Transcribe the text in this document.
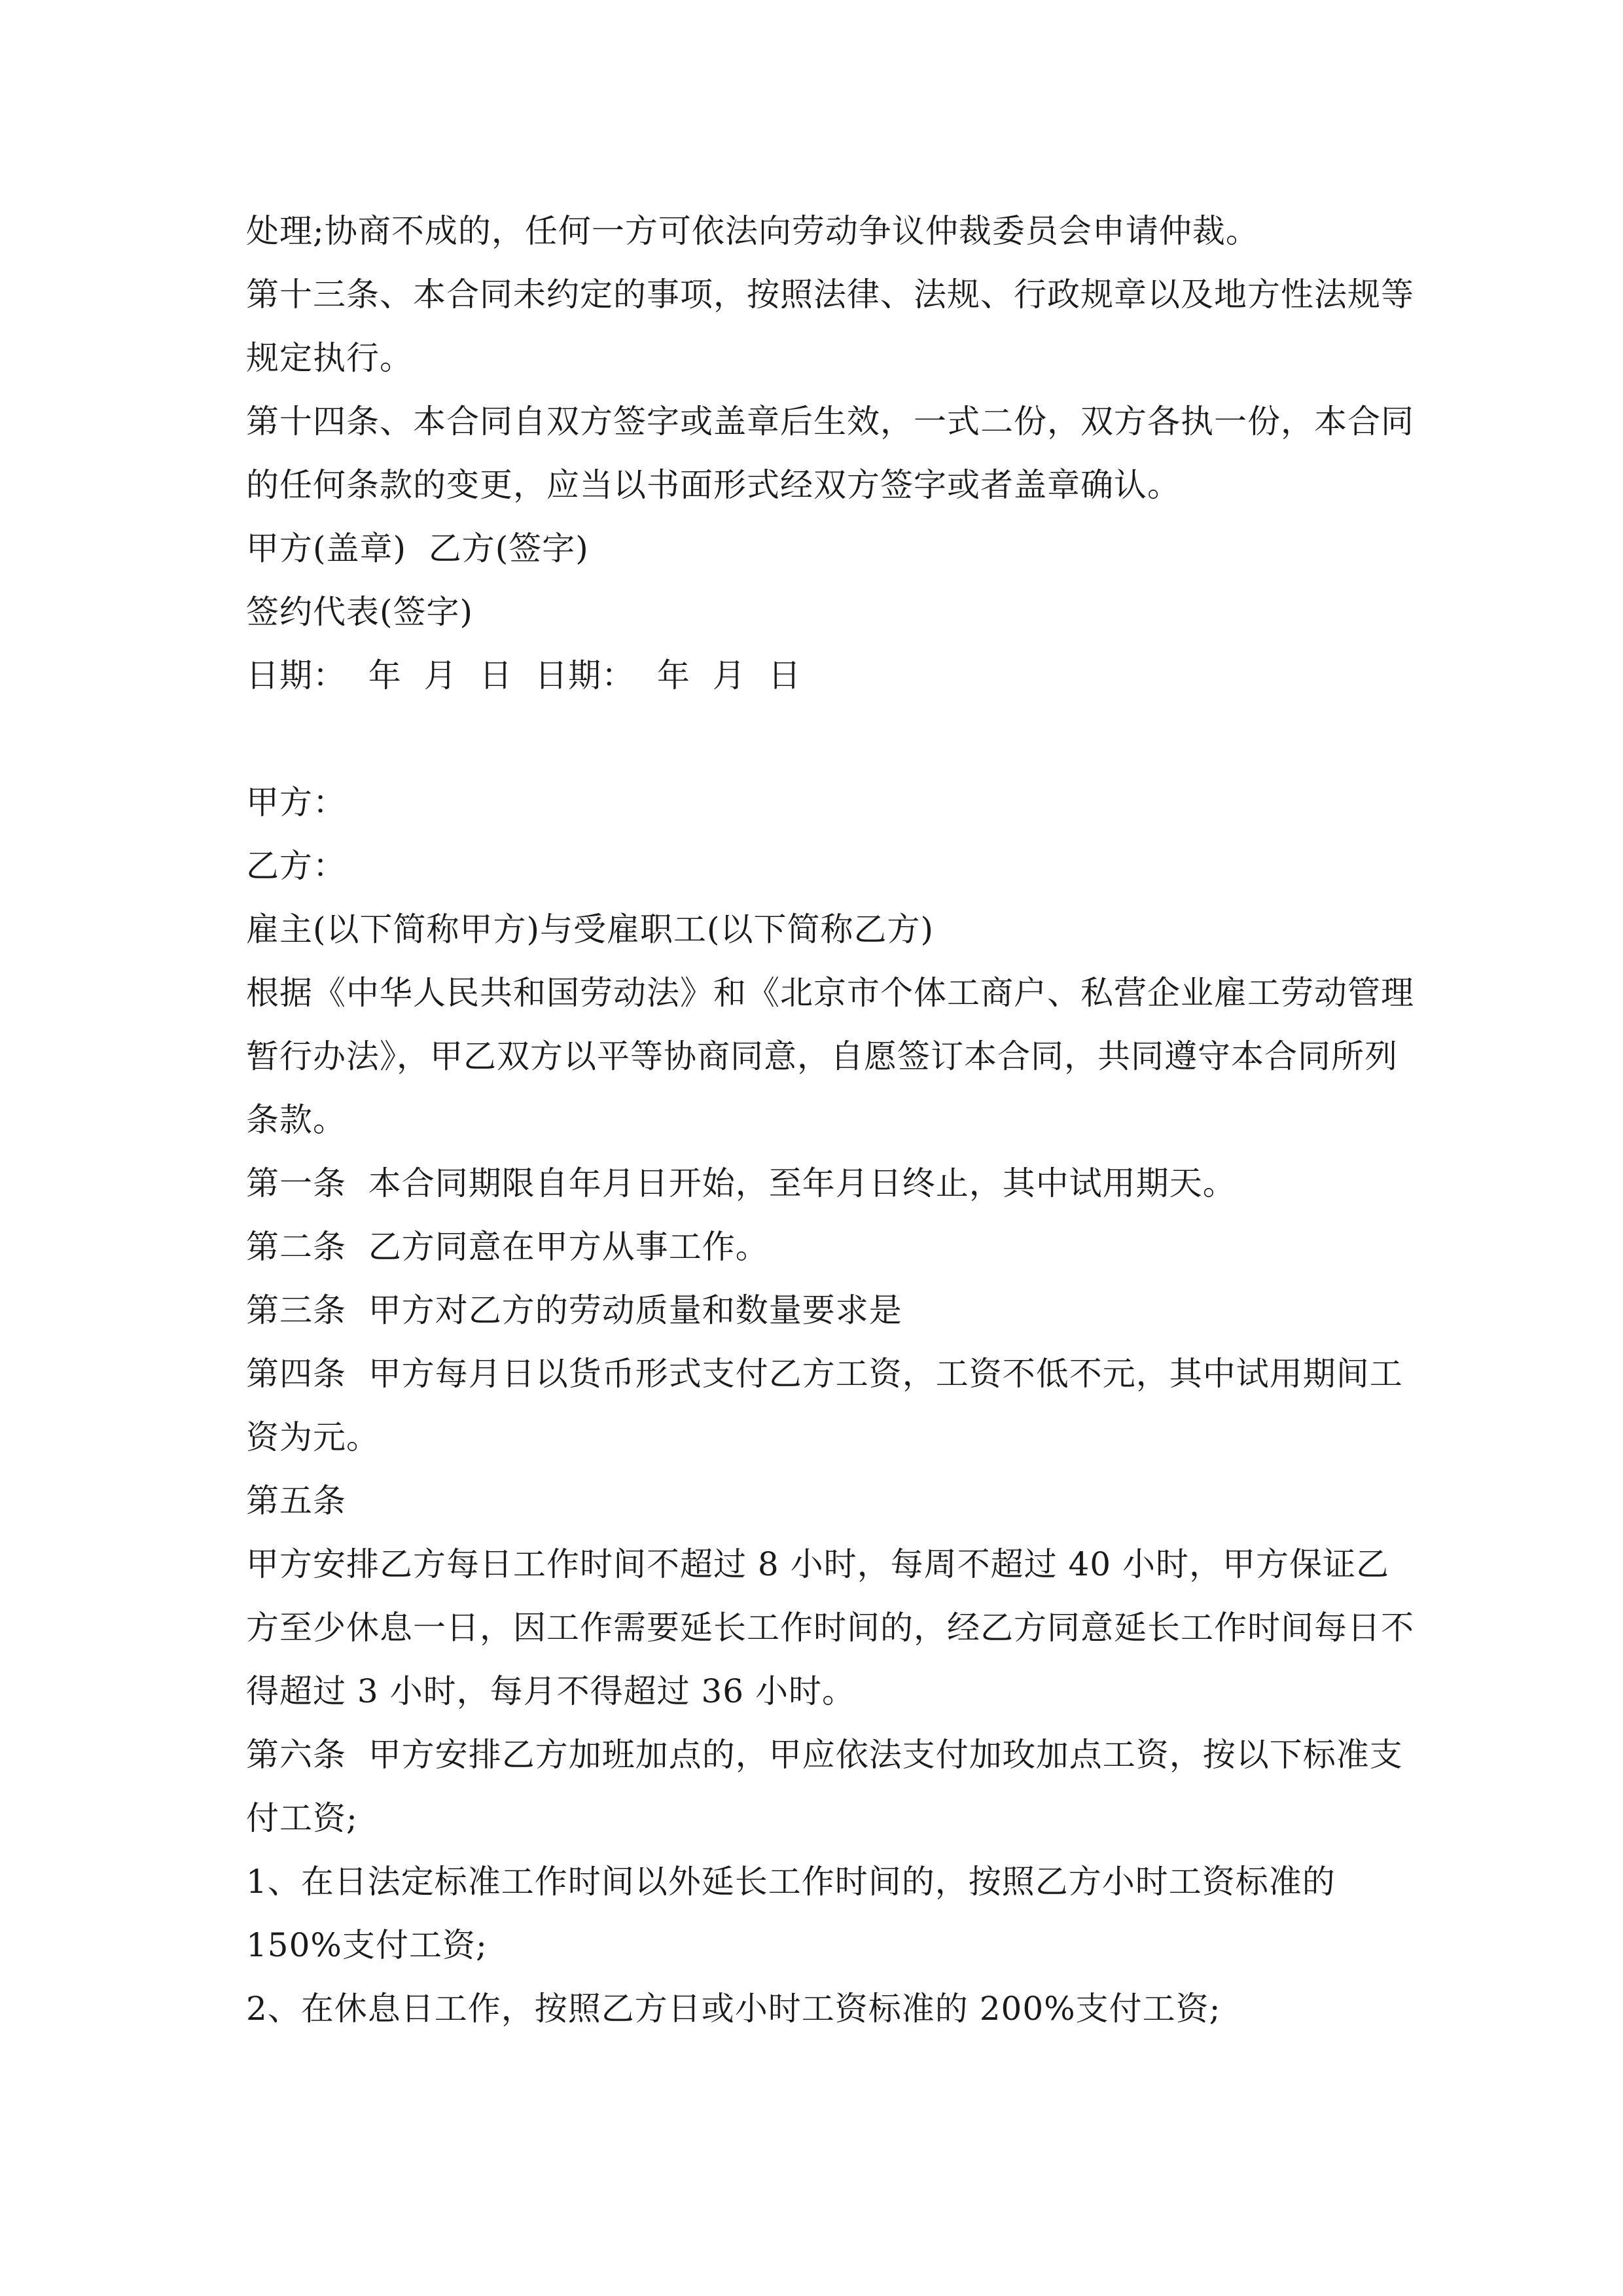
处理;协商不成的，任何一方可依法向劳动争议仲裁委员会申请仲裁。

第十三条、本合同未约定的事项，按照法律、法规、行政规章以及地方性法规等规定执行。

第十四条、本合同自双方签字或盖章后生效，一式二份，双方各执一份，本合同的任何条款的变更，应当以书面形式经双方签字或者盖章确认。

甲方(盖章)  乙方(签字)

签约代表(签字)

日期：  年  月  日  日期：  年  月  日

甲方：

乙方：

雇主(以下简称甲方)与受雇职工(以下简称乙方)

根据《中华人民共和国劳动法》和《北京市个体工商户、私营企业雇工劳动管理暂行办法》，甲乙双方以平等协商同意，自愿签订本合同，共同遵守本合同所列条款。

第一条  本合同期限自年月日开始，至年月日终止，其中试用期天。

第二条  乙方同意在甲方从事工作。

第三条  甲方对乙方的劳动质量和数量要求是

第四条  甲方每月日以货币形式支付乙方工资，工资不低不元，其中试用期间工资为元。

第五条

甲方安排乙方每日工作时间不超过 8 小时，每周不超过 40 小时，甲方保证乙方至少休息一日，因工作需要延长工作时间的，经乙方同意延长工作时间每日不得超过 3 小时，每月不得超过 36 小时。

第六条  甲方安排乙方加班加点的，甲应依法支付加玫加点工资，按以下标准支付工资;

1、在日法定标准工作时间以外延长工作时间的，按照乙方小时工资标准的 150%支付工资;

2、在休息日工作，按照乙方日或小时工资标准的 200%支付工资;
